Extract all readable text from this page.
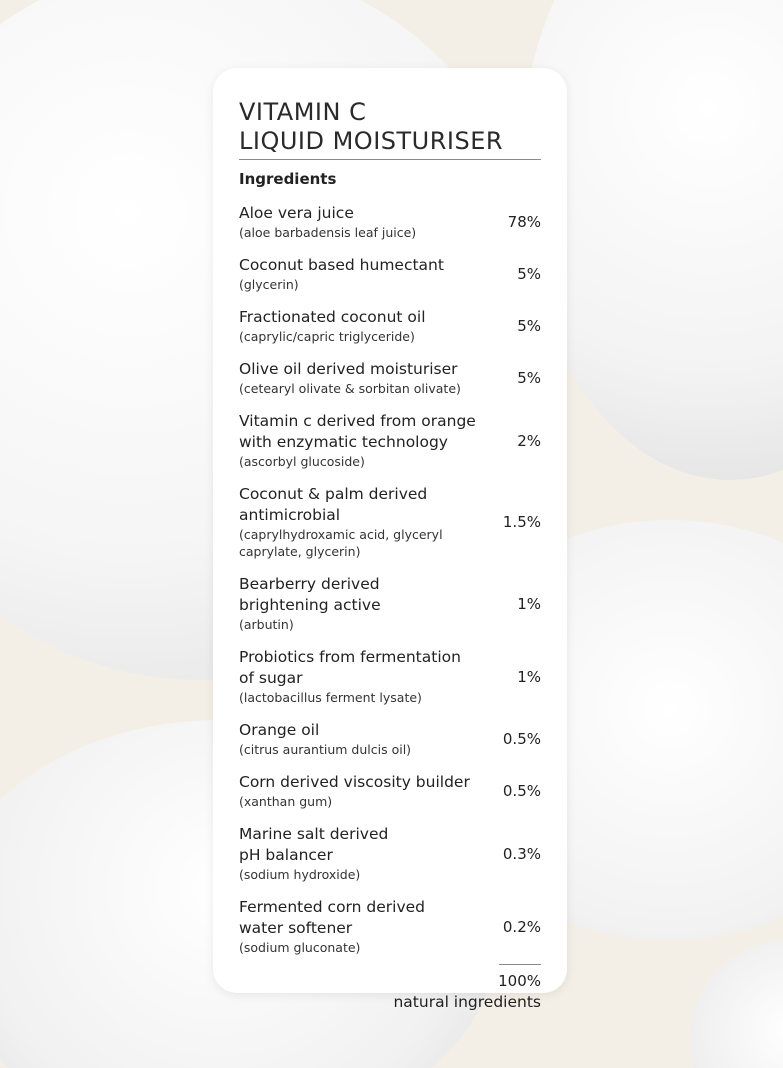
VITAMIN C
LIQUID MOISTURISER
Ingredients
Aloe vera juice
(aloe barbadensis leaf juice)
78%
Coconut based humectant
(glycerin)
5%
Fractionated coconut oil
(caprylic/capric triglyceride)
5%
Olive oil derived moisturiser
(cetearyl olivate & sorbitan olivate)
5%
Vitamin c derived from orange
with enzymatic technology
(ascorbyl glucoside)
2%
Coconut & palm derived
antimicrobial
(caprylhydroxamic acid, glyceryl
caprylate, glycerin)
1.5%
Bearberry derived
brightening active
(arbutin)
1%
Probiotics from fermentation
of sugar
(lactobacillus ferment lysate)
1%
Orange oil
(citrus aurantium dulcis oil)
0.5%
Corn derived viscosity builder
(xanthan gum)
0.5%
Marine salt derived
pH balancer
(sodium hydroxide)
0.3%
Fermented corn derived
water softener
(sodium gluconate)
0.2%
100%
natural ingredients
